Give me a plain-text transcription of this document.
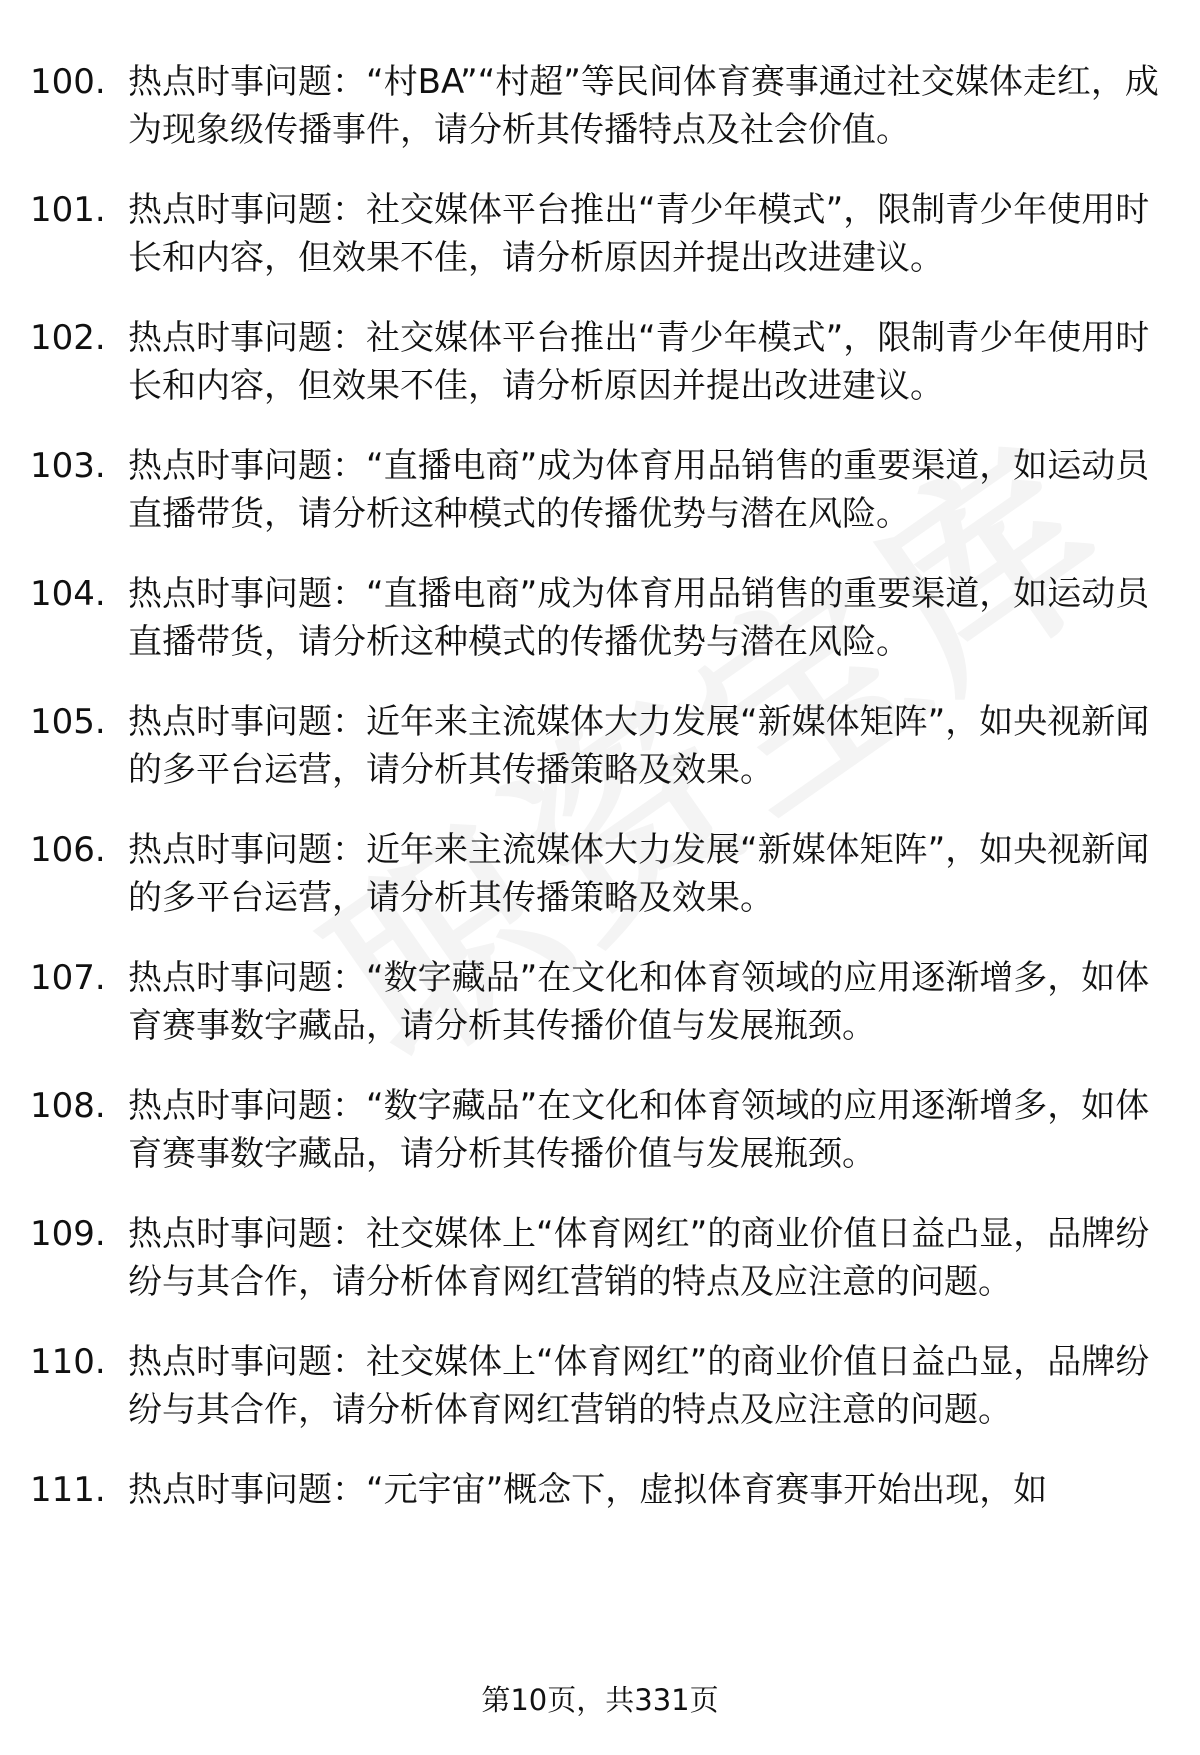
100. 热点时事问题：“村BA”“村超”等民间体育赛事通过社交媒体走红，成为现象级传播事件，请分析其传播特点及社会价值。
101. 热点时事问题：社交媒体平台推出“青少年模式”，限制青少年使用时长和内容，但效果不佳，请分析原因并提出改进建议。
102. 热点时事问题：社交媒体平台推出“青少年模式”，限制青少年使用时长和内容，但效果不佳，请分析原因并提出改进建议。
103. 热点时事问题：“直播电商”成为体育用品销售的重要渠道，如运动员直播带货，请分析这种模式的传播优势与潜在风险。
104. 热点时事问题：“直播电商”成为体育用品销售的重要渠道，如运动员直播带货，请分析这种模式的传播优势与潜在风险。
105. 热点时事问题：近年来主流媒体大力发展“新媒体矩阵”，如央视新闻的多平台运营，请分析其传播策略及效果。
106. 热点时事问题：近年来主流媒体大力发展“新媒体矩阵”，如央视新闻的多平台运营，请分析其传播策略及效果。
107. 热点时事问题：“数字藏品”在文化和体育领域的应用逐渐增多，如体育赛事数字藏品，请分析其传播价值与发展瓶颈。
108. 热点时事问题：“数字藏品”在文化和体育领域的应用逐渐增多，如体育赛事数字藏品，请分析其传播价值与发展瓶颈。
109. 热点时事问题：社交媒体上“体育网红”的商业价值日益凸显，品牌纷纷与其合作，请分析体育网红营销的特点及应注意的问题。
110. 热点时事问题：社交媒体上“体育网红”的商业价值日益凸显，品牌纷纷与其合作，请分析体育网红营销的特点及应注意的问题。
111. 热点时事问题：“元宇宙”概念下，虚拟体育赛事开始出现，如
第10页，共331页
